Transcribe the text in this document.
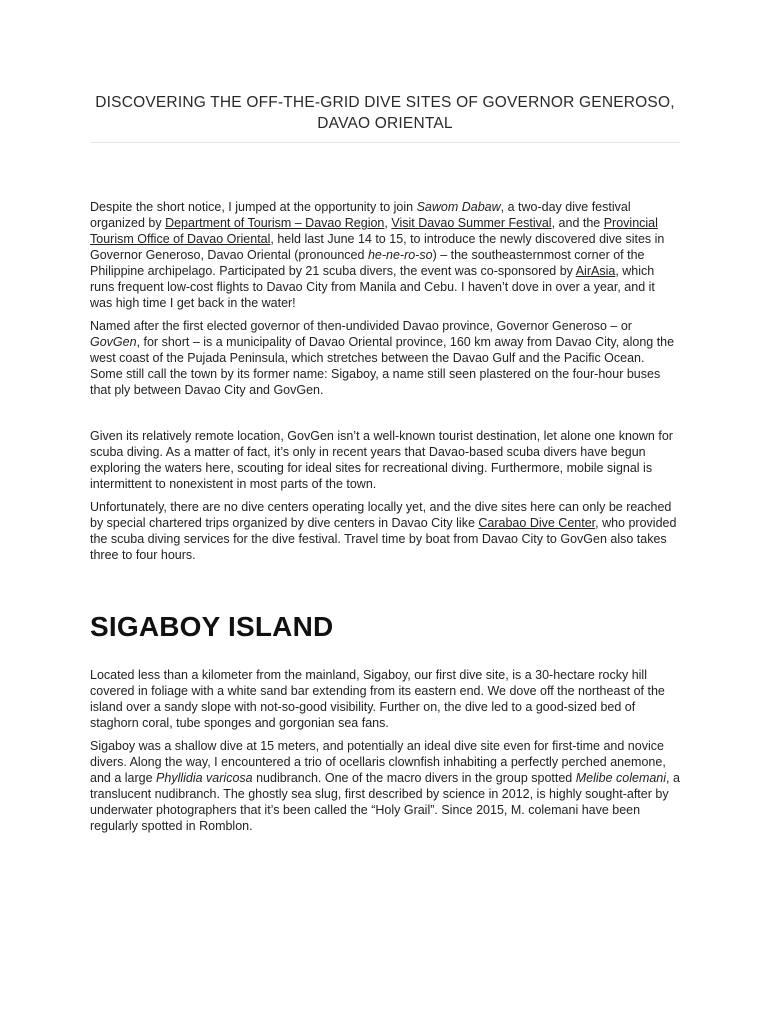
DISCOVERING THE OFF-THE-GRID DIVE SITES OF GOVERNOR GENEROSO, DAVAO ORIENTAL

Despite the short notice, I jumped at the opportunity to join Sawom Dabaw, a two-day dive festival organized by Department of Tourism – Davao Region, Visit Davao Summer Festival, and the Provincial Tourism Office of Davao Oriental, held last June 14 to 15, to introduce the newly discovered dive sites in Governor Generoso, Davao Oriental (pronounced he-ne-ro-so) – the southeasternmost corner of the Philippine archipelago. Participated by 21 scuba divers, the event was co-sponsored by AirAsia, which runs frequent low-cost flights to Davao City from Manila and Cebu. I haven’t dove in over a year, and it was high time I get back in the water!

Named after the first elected governor of then-undivided Davao province, Governor Generoso – or GovGen, for short – is a municipality of Davao Oriental province, 160 km away from Davao City, along the west coast of the Pujada Peninsula, which stretches between the Davao Gulf and the Pacific Ocean. Some still call the town by its former name: Sigaboy, a name still seen plastered on the four-hour buses that ply between Davao City and GovGen.

Given its relatively remote location, GovGen isn’t a well-known tourist destination, let alone one known for scuba diving. As a matter of fact, it’s only in recent years that Davao-based scuba divers have begun exploring the waters here, scouting for ideal sites for recreational diving. Furthermore, mobile signal is intermittent to nonexistent in most parts of the town.

Unfortunately, there are no dive centers operating locally yet, and the dive sites here can only be reached by special chartered trips organized by dive centers in Davao City like Carabao Dive Center, who provided the scuba diving services for the dive festival. Travel time by boat from Davao City to GovGen also takes three to four hours.

SIGABOY ISLAND

Located less than a kilometer from the mainland, Sigaboy, our first dive site, is a 30-hectare rocky hill covered in foliage with a white sand bar extending from its eastern end. We dove off the northeast of the island over a sandy slope with not-so-good visibility. Further on, the dive led to a good-sized bed of staghorn coral, tube sponges and gorgonian sea fans.

Sigaboy was a shallow dive at 15 meters, and potentially an ideal dive site even for first-time and novice divers. Along the way, I encountered a trio of ocellaris clownfish inhabiting a perfectly perched anemone, and a large Phyllidia varicosa nudibranch. One of the macro divers in the group spotted Melibe colemani, a translucent nudibranch. The ghostly sea slug, first described by science in 2012, is highly sought-after by underwater photographers that it’s been called the “Holy Grail”. Since 2015, M. colemani have been regularly spotted in Romblon.
